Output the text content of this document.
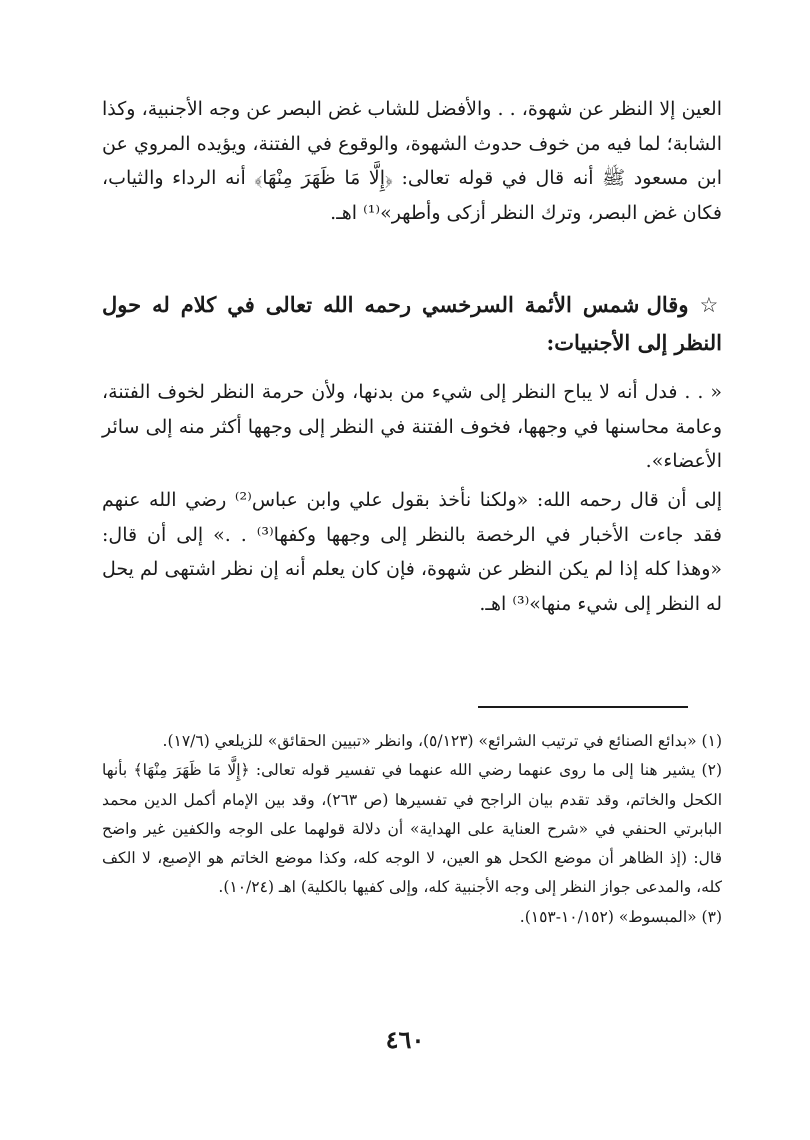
العين إلا النظر عن شهوة، . . والأفضل للشاب غض البصر عن وجه الأجنبية، وكذا الشابة؛ لما فيه من خوف حدوث الشهوة، والوقوع في الفتنة، ويؤيده المروي عن ابن مسعود ﷺ أنه قال في قوله تعالى: ﴿إِلَّا مَا ظَهَرَ مِنْهَا﴾ أنه الرداء والثياب، فكان غض البصر، وترك النظر أزكى وأطهر»⁽¹⁾ اهـ.

☆ وقال شمس الأئمة السرخسي رحمه الله تعالى في كلام له حول النظر إلى الأجنبيات:

« . . فدل أنه لا يباح النظر إلى شيء من بدنها، ولأن حرمة النظر لخوف الفتنة، وعامة محاسنها في وجهها، فخوف الفتنة في النظر إلى وجهها أكثر منه إلى سائر الأعضاء».

إلى أن قال رحمه الله: «ولكنا نأخذ بقول علي وابن عباس⁽²⁾ رضي الله عنهم فقد جاءت الأخبار في الرخصة بالنظر إلى وجهها وكفها⁽³⁾ . .» إلى أن قال: «وهذا كله إذا لم يكن النظر عن شهوة، فإن كان يعلم أنه إن نظر اشتهى لم يحل له النظر إلى شيء منها»⁽³⁾ اهـ.

(١) «بدائع الصنائع في ترتيب الشرائع» (٥/١٢٣)، وانظر «تبيين الحقائق» للزيلعي (١٧/٦).

(٢) يشير هنا إلى ما روى عنهما رضي الله عنهما في تفسير قوله تعالى: ﴿إِلَّا مَا ظَهَرَ مِنْهَا﴾ بأنها الكحل والخاتم، وقد تقدم بيان الراجح في تفسيرها (ص ٢٦٣)، وقد بين الإمام أكمل الدين محمد البابرتي الحنفي في «شرح العناية على الهداية» أن دلالة قولهما على الوجه والكفين غير واضح قال: (إذ الظاهر أن موضع الكحل هو العين، لا الوجه كله، وكذا موضع الخاتم هو الإصبع، لا الكف كله، والمدعى جواز النظر إلى وجه الأجنبية كله، وإلى كفيها بالكلية) اهـ (١٠/٢٤).

(٣) «المبسوط» (١٠/١٥٢-١٥٣).

٤٦٠
